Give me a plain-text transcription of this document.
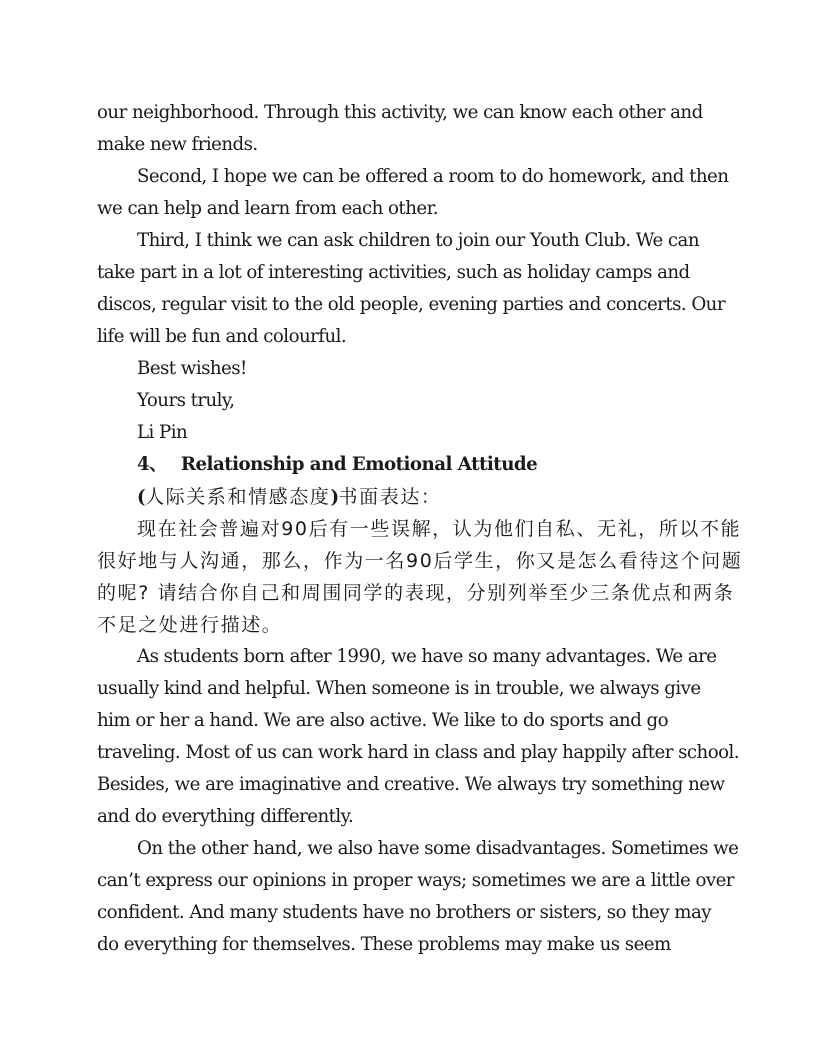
our neighborhood. Through this activity, we can know each other and
make new friends.
Second, I hope we can be offered a room to do homework, and then
we can help and learn from each other.
Third, I think we can ask children to join our Youth Club. We can
take part in a lot of interesting activities, such as holiday camps and
discos, regular visit to the old people, evening parties and concerts. Our
life will be fun and colourful.
Best wishes!
Yours truly,
Li Pin
4、 Relationship and Emotional Attitude
(人际关系和情感态度)书面表达：
现在社会普遍对90后有一些误解，认为他们自私、无礼，所以不能
很好地与人沟通，那么，作为一名90后学生，你又是怎么看待这个问题
的呢? 请结合你自己和周围同学的表现，分别列举至少三条优点和两条
不足之处进行描述。
As students born after 1990, we have so many advantages. We are
usually kind and helpful. When someone is in trouble, we always give
him or her a hand. We are also active. We like to do sports and go
traveling. Most of us can work hard in class and play happily after school.
Besides, we are imaginative and creative. We always try something new
and do everything differently.
On the other hand, we also have some disadvantages. Sometimes we
can’t express our opinions in proper ways; sometimes we are a little over
confident. And many students have no brothers or sisters, so they may
do everything for themselves. These problems may make us seem
